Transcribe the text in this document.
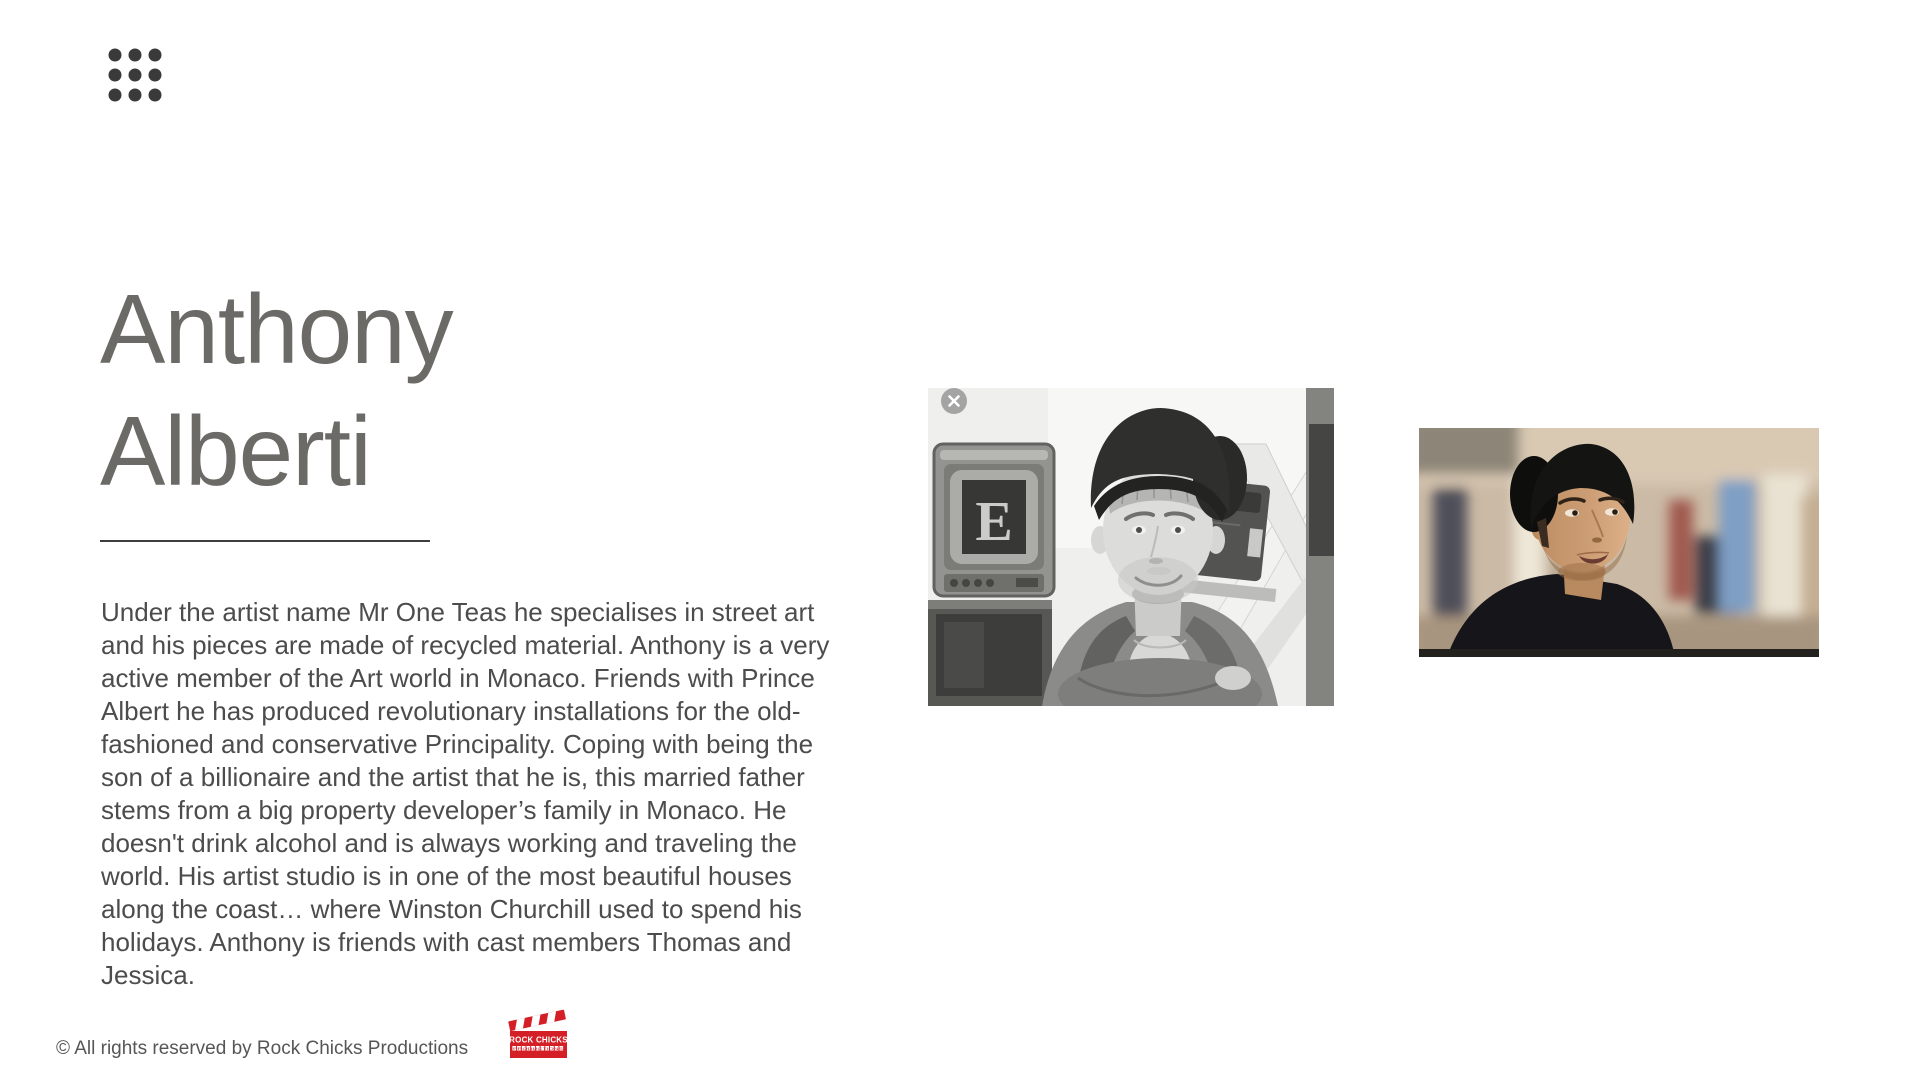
Anthony
Alberti
Under the artist name Mr One Teas he specialises in street art
and his pieces are made of recycled material. Anthony is a very
active member of the Art world in Monaco. Friends with Prince
Albert he has produced revolutionary installations for the old-
fashioned and conservative Principality. Coping with being the
son of a billionaire and the artist that he is, this married father
stems from a big property developer’s family in Monaco. He
doesn't drink alcohol and is always working and traveling the
world. His artist studio is in one of the most beautiful houses
along the coast… where Winston Churchill used to spend his
holidays. Anthony is friends with cast members Thomas and
Jessica.
E
© All rights reserved by Rock Chicks Productions	ROCK CHICKS
PRODUCTIONS
